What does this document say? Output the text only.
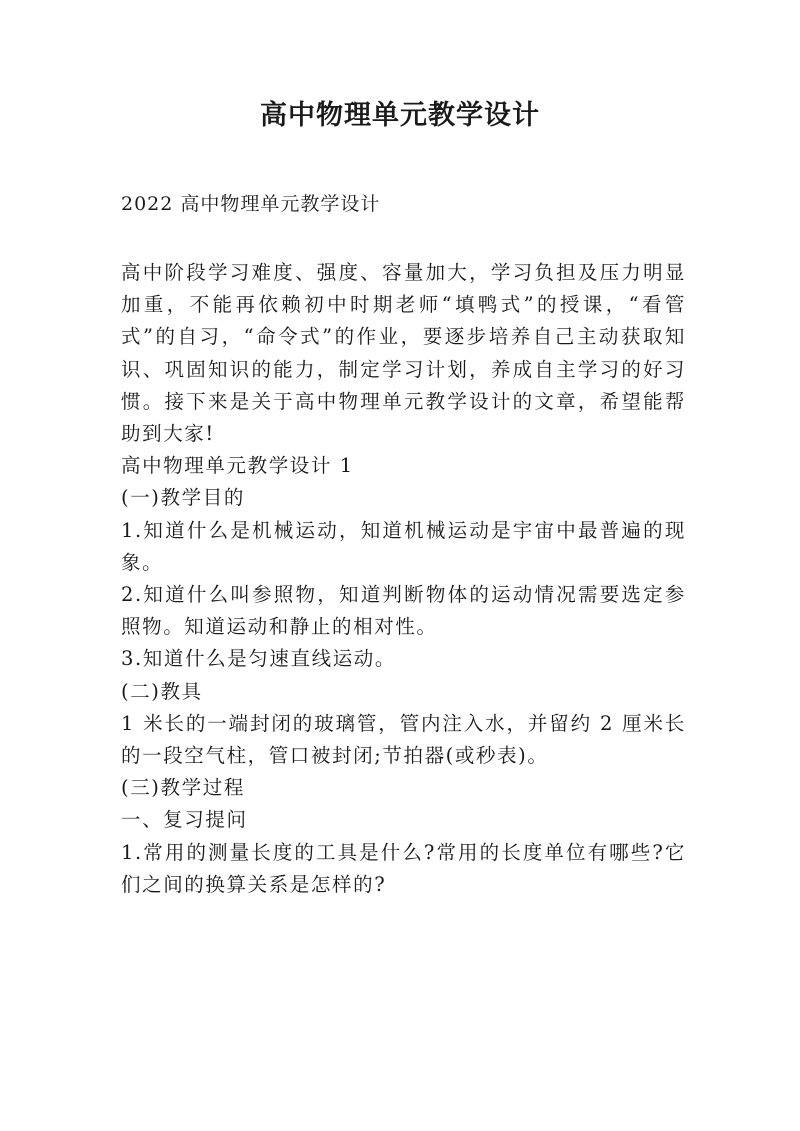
高中物理单元教学设计

2022 高中物理单元教学设计

高中阶段学习难度、强度、容量加大，学习负担及压力明显加重，不能再依赖初中时期老师“填鸭式”的授课，“看管式”的自习，“命令式”的作业，要逐步培养自己主动获取知识、巩固知识的能力，制定学习计划，养成自主学习的好习惯。接下来是关于高中物理单元教学设计的文章，希望能帮助到大家!

高中物理单元教学设计 1

(一)教学目的

1.知道什么是机械运动，知道机械运动是宇宙中最普遍的现象。

2.知道什么叫参照物，知道判断物体的运动情况需要选定参照物。知道运动和静止的相对性。

3.知道什么是匀速直线运动。

(二)教具

1 米长的一端封闭的玻璃管，管内注入水，并留约 2 厘米长的一段空气柱，管口被封闭;节拍器(或秒表)。

(三)教学过程

一、复习提问

1.常用的测量长度的工具是什么?常用的长度单位有哪些?它们之间的换算关系是怎样的?
